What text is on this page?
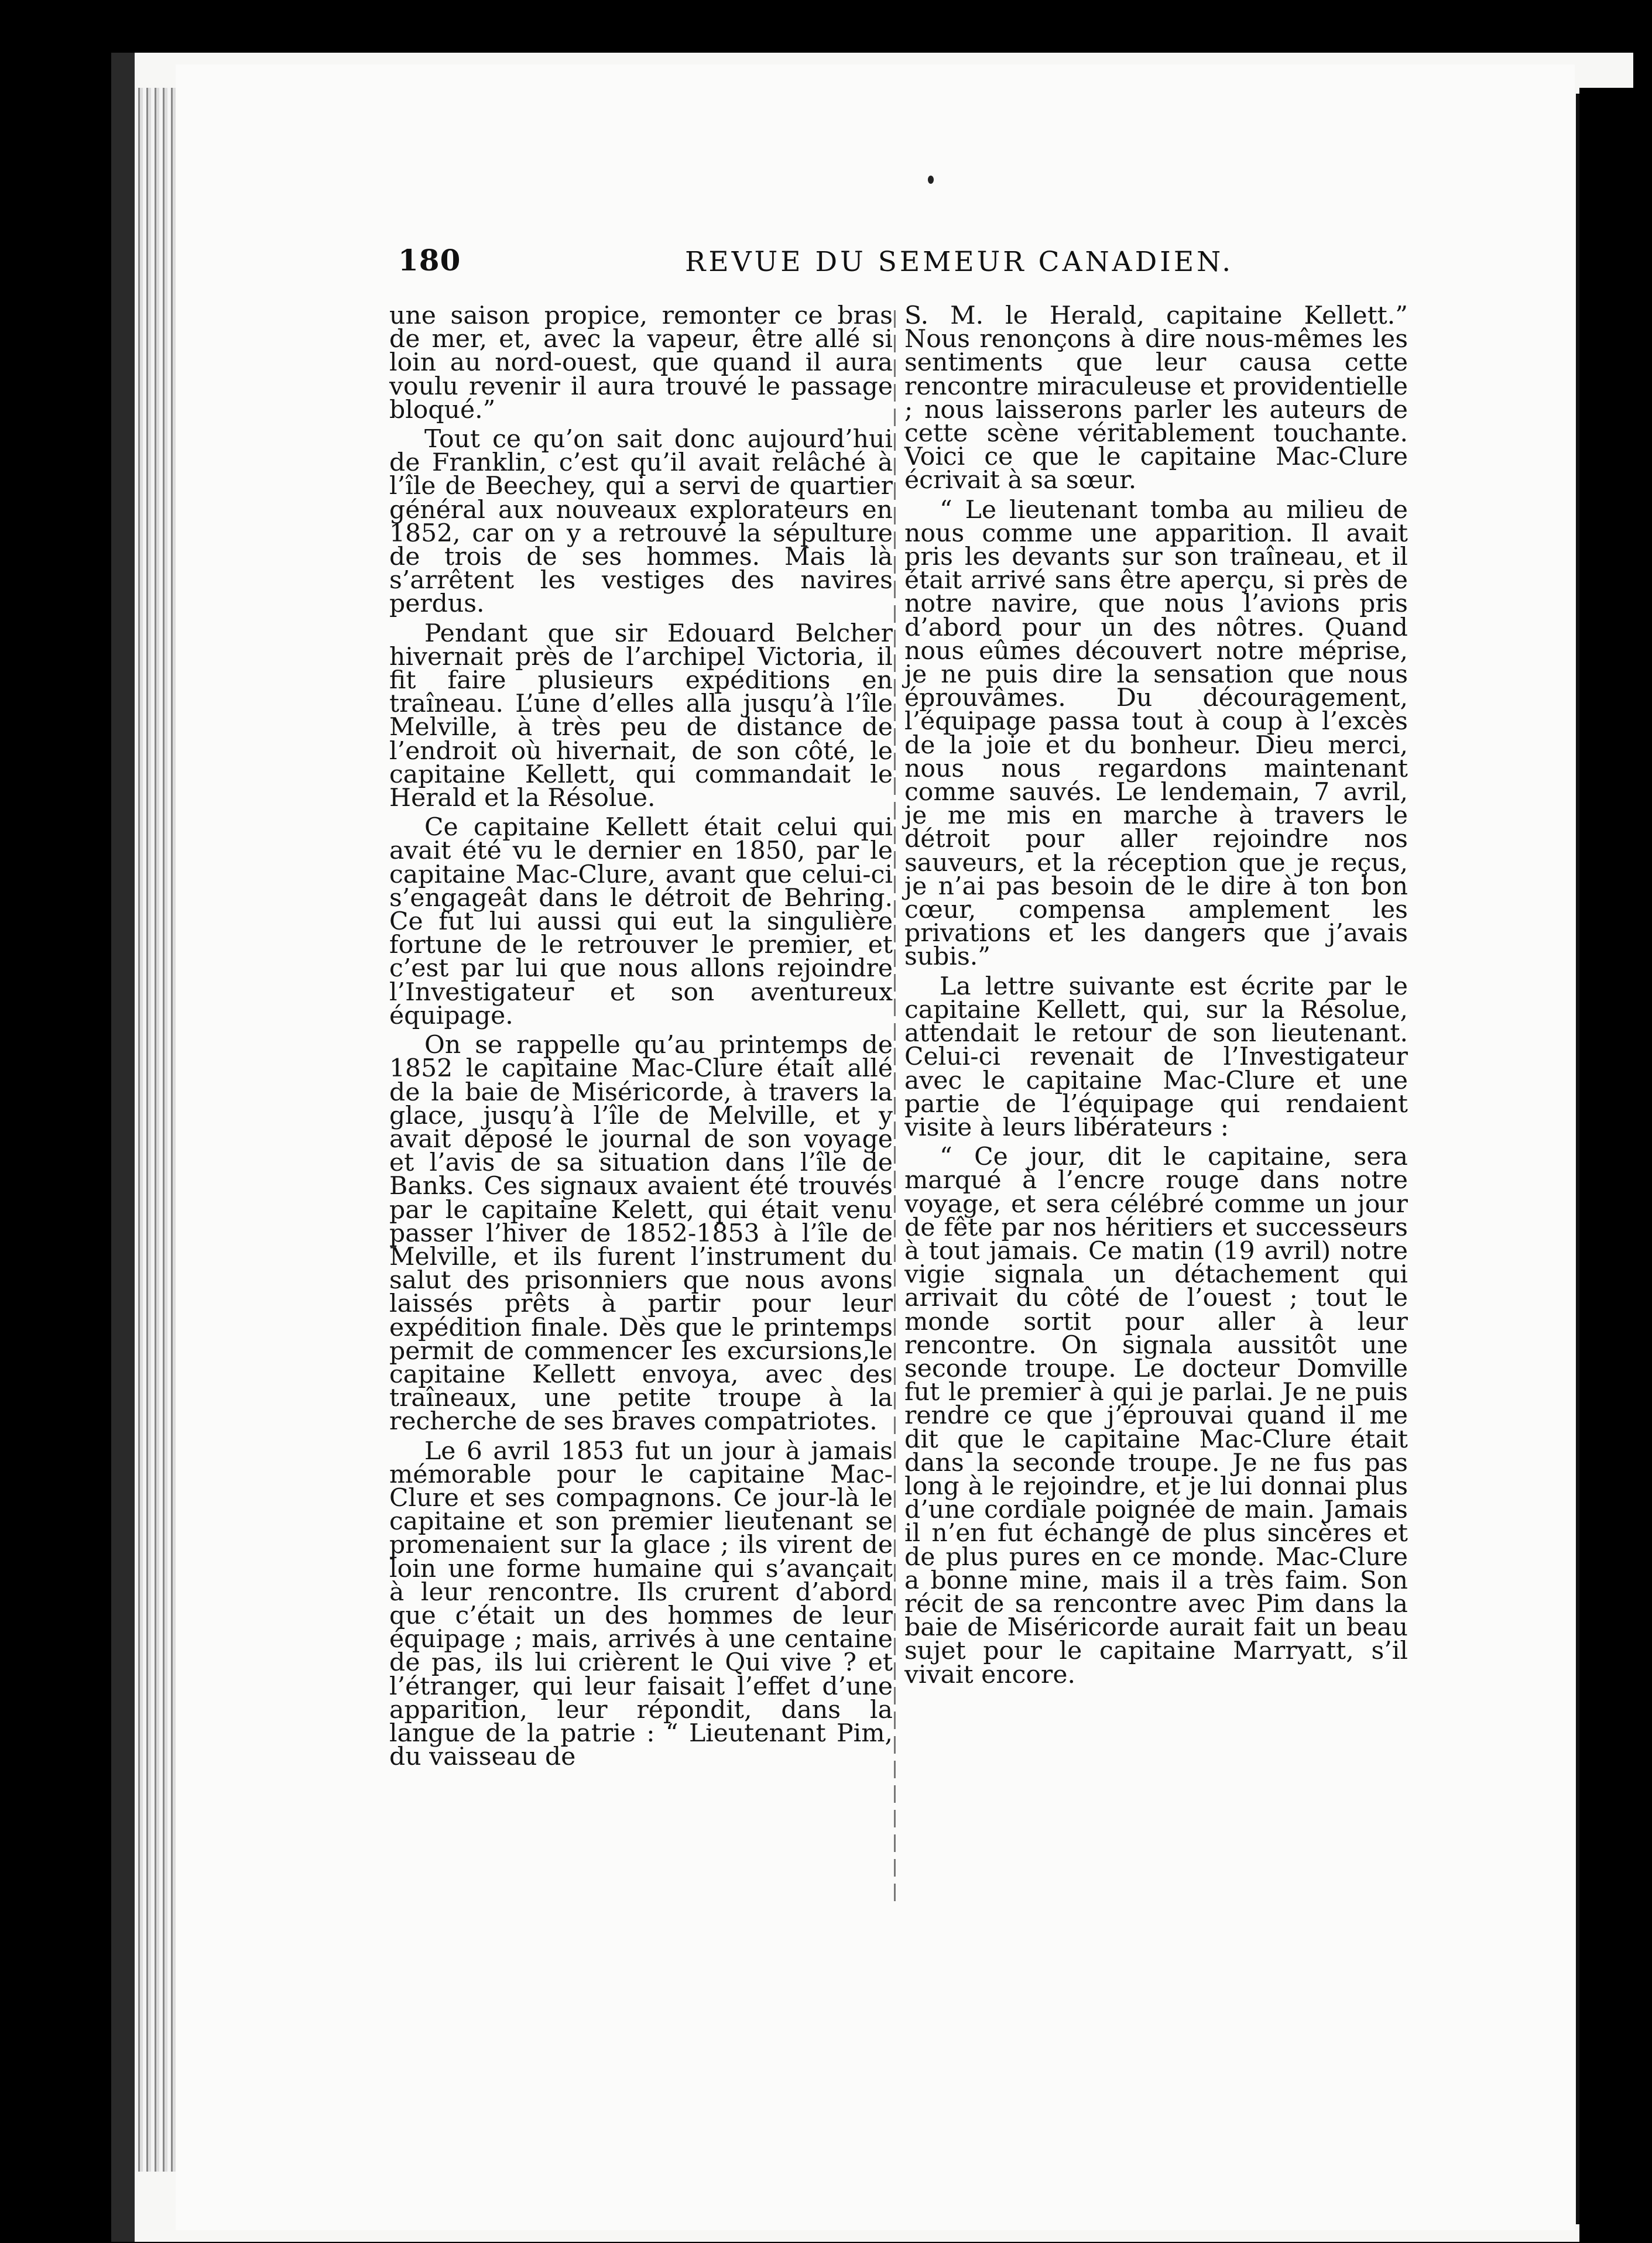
180	REVUE DU SEMEUR CANADIEN.

une saison propice, remonter ce bras de mer, et, avec la vapeur, être allé si loin au nord-ouest, que quand il aura voulu revenir il aura trouvé le passage bloqué.”

Tout ce qu’on sait donc aujourd’hui de Franklin, c’est qu’il avait relâché à l’île de Beechey, qui a servi de quartier général aux nouveaux explorateurs en 1852, car on y a retrouvé la sépulture de trois de ses hommes. Mais là s’arrêtent les vestiges des navires perdus.

Pendant que sir Edouard Belcher hivernait près de l’archipel Victoria, il fit faire plusieurs expéditions en traîneau. L’une d’elles alla jusqu’à l’île Melville, à très peu de distance de l’endroit où hivernait, de son côté, le capitaine Kellett, qui commandait le Herald et la Résolue.

Ce capitaine Kellett était celui qui avait été vu le dernier en 1850, par le capitaine Mac-Clure, avant que celui-ci s’engageât dans le détroit de Behring. Ce fut lui aussi qui eut la singulière fortune de le retrouver le premier, et c’est par lui que nous allons rejoindre l’Investigateur et son aventureux équipage.

On se rappelle qu’au printemps de 1852 le capitaine Mac-Clure était allé de la baie de Miséricorde, à travers la glace, jusqu’à l’île de Melville, et y avait déposé le journal de son voyage et l’avis de sa situation dans l’île de Banks. Ces signaux avaient été trouvés par le capitaine Kelett, qui était venu passer l’hiver de 1852-1853 à l’île de Melville, et ils furent l’instrument du salut des prisonniers que nous avons laissés prêts à partir pour leur expédition finale. Dès que le printemps permit de commencer les excursions,le capitaine Kellett envoya, avec des traîneaux, une petite troupe à la recherche de ses braves compatriotes.

Le 6 avril 1853 fut un jour à jamais mémorable pour le capitaine Mac-Clure et ses compagnons. Ce jour-là le capitaine et son premier lieutenant se promenaient sur la glace ; ils virent de loin une forme humaine qui s’avançait à leur rencontre. Ils crurent d’abord que c’était un des hommes de leur équipage ; mais, arrivés à une centaine de pas, ils lui crièrent le Qui vive ? et l’étranger, qui leur faisait l’effet d’une apparition, leur répondit, dans la langue de la patrie : “ Lieutenant Pim, du vaisseau de

S. M. le Herald, capitaine Kellett.” Nous renonçons à dire nous-mêmes les sentiments que leur causa cette rencontre miraculeuse et providentielle ; nous laisserons parler les auteurs de cette scène véritablement touchante. Voici ce que le capitaine Mac-Clure écrivait à sa sœur.

“ Le lieutenant tomba au milieu de nous comme une apparition. Il avait pris les devants sur son traîneau, et il était arrivé sans être aperçu, si près de notre navire, que nous l’avions pris d’abord pour un des nôtres. Quand nous eûmes découvert notre méprise, je ne puis dire la sensation que nous éprouvâmes. Du découragement, l’équipage passa tout à coup à l’excès de la joie et du bonheur. Dieu merci, nous nous regardons maintenant comme sauvés. Le lendemain, 7 avril, je me mis en marche à travers le détroit pour aller rejoindre nos sauveurs, et la réception que je reçus, je n’ai pas besoin de le dire à ton bon cœur, compensa amplement les privations et les dangers que j’avais subis.”

La lettre suivante est écrite par le capitaine Kellett, qui, sur la Résolue, attendait le retour de son lieutenant. Celui-ci revenait de l’Investigateur avec le capitaine Mac-Clure et une partie de l’équipage qui rendaient visite à leurs libérateurs :

“ Ce jour, dit le capitaine, sera marqué à l’encre rouge dans notre voyage, et sera célébré comme un jour de fête par nos héritiers et successeurs à tout jamais. Ce matin (19 avril) notre vigie signala un détachement qui arrivait du côté de l’ouest ; tout le monde sortit pour aller à leur rencontre. On signala aussitôt une seconde troupe. Le docteur Domville fut le premier à qui je parlai. Je ne puis rendre ce que j’éprouvai quand il me dit que le capitaine Mac-Clure était dans la seconde troupe. Je ne fus pas long à le rejoindre, et je lui donnai plus d’une cordiale poignée de main. Jamais il n’en fut échangé de plus sincères et de plus pures en ce monde. Mac-Clure a bonne mine, mais il a très faim. Son récit de sa rencontre avec Pim dans la baie de Miséricorde aurait fait un beau sujet pour le capitaine Marryatt, s’il vivait encore.
